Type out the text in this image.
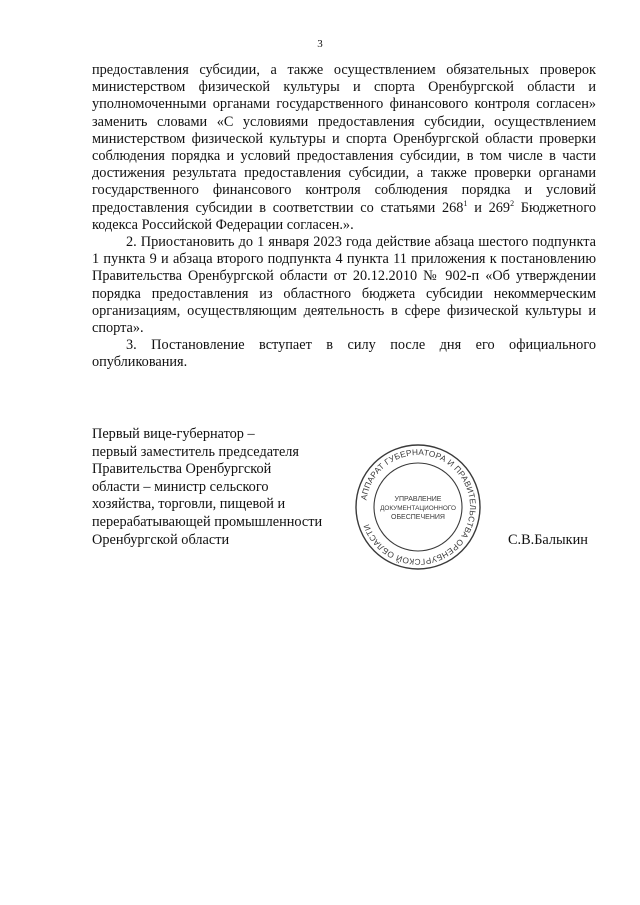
3

предоставления субсидии, а также осуществлением обязательных проверок министерством физической культуры и спорта Оренбургской области и уполномоченными органами государственного финансового контроля согласен» заменить словами «С условиями предоставления субсидии, осуществлением министерством физической культуры и спорта Оренбургской области проверки соблюдения порядка и условий предоставления субсидии, в том числе в части достижения результата предоставления субсидии, а также проверки органами государственного финансового контроля соблюдения порядка и условий предоставления субсидии в соответствии со статьями $268^1$ и $269^2$ Бюджетного кодекса Российской Федерации согласен.».

2. Приостановить до 1 января 2023 года действие абзаца шестого подпункта 1 пункта 9 и абзаца второго подпункта 4 пункта 11 приложения к постановлению Правительства Оренбургской области от 20.12.2010 № 902-п «Об утверждении порядка предоставления из областного бюджета субсидии некоммерческим организациям, осуществляющим деятельность в сфере физической культуры и спорта».

3. Постановление вступает в силу после дня его официального опубликования.

Первый вице-губернатор –
первый заместитель председателя
Правительства Оренбургской
области – министр сельского
хозяйства, торговли, пищевой и
перерабатывающей промышленности
Оренбургской области	С.В.Балыкин
АППАРАТ ГУБЕРНАТОРА И ПРАВИТЕЛЬСТВА ОРЕНБУРГСКОЙ ОБЛАСТИ
УПРАВЛЕНИЕ
ДОКУМЕНТАЦИОННОГО
ОБЕСПЕЧЕНИЯ
